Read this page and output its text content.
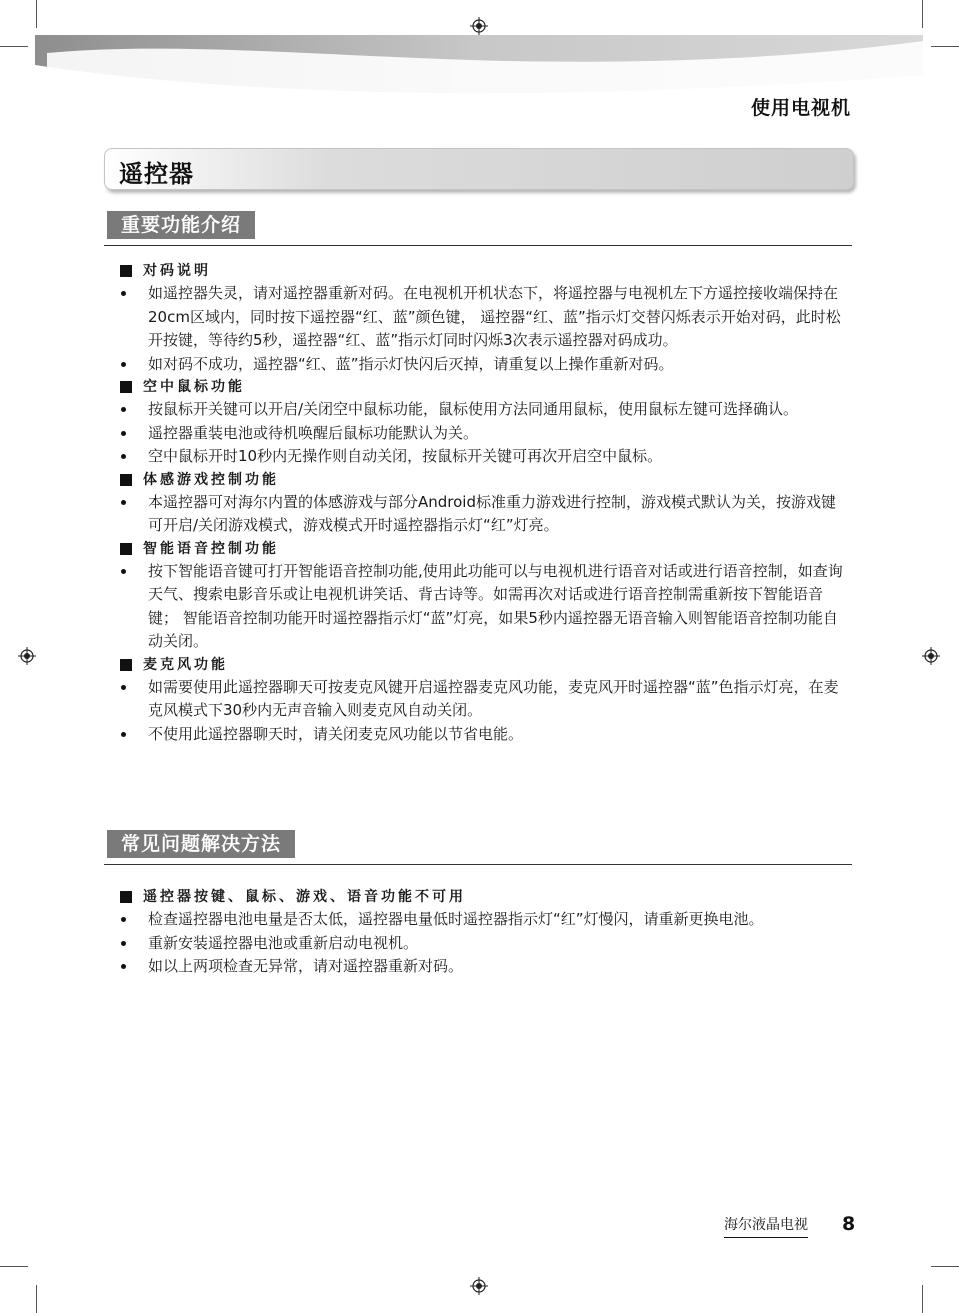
使用电视机
遥控器
重要功能介绍
对码说明
如遥控器失灵，请对遥控器重新对码。在电视机开机状态下，将遥控器与电视机左下方遥控接收端保持在 20cm区域内，同时按下遥控器“红、蓝”颜色键， 遥控器“红、蓝”指示灯交替闪烁表示开始对码，此时松开按键，等待约5秒，遥控器“红、蓝”指示灯同时闪烁3次表示遥控器对码成功。
如对码不成功，遥控器“红、蓝”指示灯快闪后灭掉，请重复以上操作重新对码。
空中鼠标功能
按鼠标开关键可以开启/关闭空中鼠标功能，鼠标使用方法同通用鼠标，使用鼠标左键可选择确认。
遥控器重装电池或待机唤醒后鼠标功能默认为关。
空中鼠标开时10秒内无操作则自动关闭，按鼠标开关键可再次开启空中鼠标。
体感游戏控制功能
本遥控器可对海尔内置的体感游戏与部分Android标准重力游戏进行控制，游戏模式默认为关，按游戏键可开启/关闭游戏模式，游戏模式开时遥控器指示灯“红”灯亮。
智能语音控制功能
按下智能语音键可打开智能语音控制功能,使用此功能可以与电视机进行语音对话或进行语音控制，如查询天气、搜索电影音乐或让电视机讲笑话、背古诗等。如需再次对话或进行语音控制需重新按下智能语音键； 智能语音控制功能开时遥控器指示灯“蓝”灯亮，如果5秒内遥控器无语音输入则智能语音控制功能自动关闭。
麦克风功能
如需要使用此遥控器聊天可按麦克风键开启遥控器麦克风功能，麦克风开时遥控器“蓝”色指示灯亮，在麦克风模式下30秒内无声音输入则麦克风自动关闭。
不使用此遥控器聊天时，请关闭麦克风功能以节省电能。
常见问题解决方法
遥控器按键、鼠标、游戏、语音功能不可用
检查遥控器电池电量是否太低，遥控器电量低时遥控器指示灯“红”灯慢闪，请重新更换电池。
重新安装遥控器电池或重新启动电视机。
如以上两项检查无异常，请对遥控器重新对码。
海尔液晶电视 8
